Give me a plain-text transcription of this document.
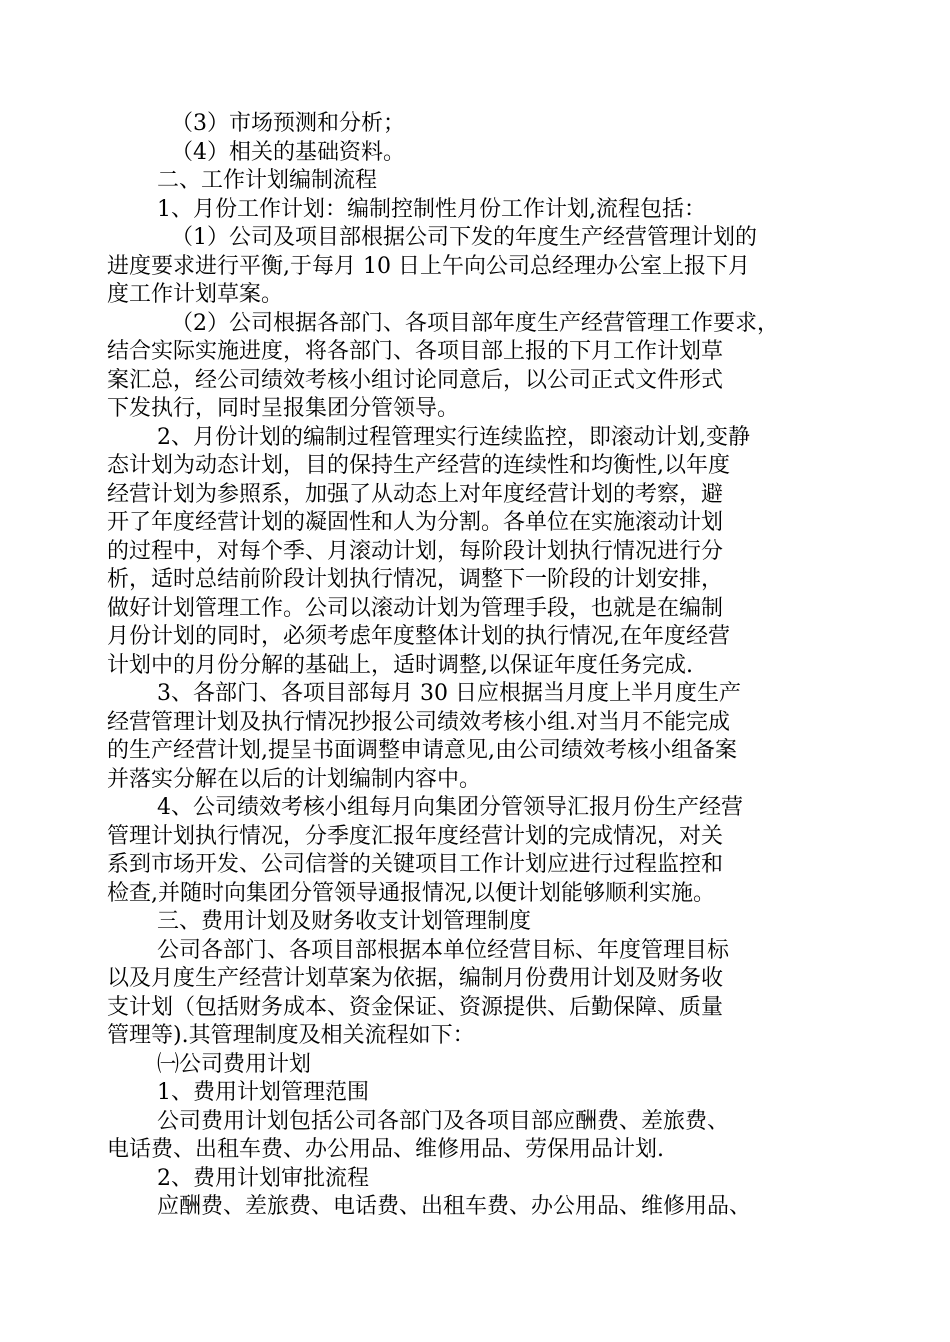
（3）市场预测和分析；
（4）相关的基础资料。
二、工作计划编制流程
1、月份工作计划：编制控制性月份工作计划,流程包括：
（1）公司及项目部根据公司下发的年度生产经营管理计划的
进度要求进行平衡,于每月 10 日上午向公司总经理办公室上报下月
度工作计划草案。
（2）公司根据各部门、各项目部年度生产经营管理工作要求，
结合实际实施进度，将各部门、各项目部上报的下月工作计划草
案汇总，经公司绩效考核小组讨论同意后，以公司正式文件形式
下发执行，同时呈报集团分管领导。
2、月份计划的编制过程管理实行连续监控，即滚动计划,变静
态计划为动态计划，目的保持生产经营的连续性和均衡性,以年度
经营计划为参照系，加强了从动态上对年度经营计划的考察，避
开了年度经营计划的凝固性和人为分割。各单位在实施滚动计划
的过程中，对每个季、月滚动计划，每阶段计划执行情况进行分
析，适时总结前阶段计划执行情况，调整下一阶段的计划安排，
做好计划管理工作。公司以滚动计划为管理手段，也就是在编制
月份计划的同时，必须考虑年度整体计划的执行情况,在年度经营
计划中的月份分解的基础上，适时调整,以保证年度任务完成.
3、各部门、各项目部每月 30 日应根据当月度上半月度生产
经营管理计划及执行情况抄报公司绩效考核小组.对当月不能完成
的生产经营计划,提呈书面调整申请意见,由公司绩效考核小组备案
并落实分解在以后的计划编制内容中。
4、公司绩效考核小组每月向集团分管领导汇报月份生产经营
管理计划执行情况，分季度汇报年度经营计划的完成情况，对关
系到市场开发、公司信誉的关键项目工作计划应进行过程监控和
检查,并随时向集团分管领导通报情况,以便计划能够顺利实施。
三、费用计划及财务收支计划管理制度
公司各部门、各项目部根据本单位经营目标、年度管理目标
以及月度生产经营计划草案为依据，编制月份费用计划及财务收
支计划（包括财务成本、资金保证、资源提供、后勤保障、质量
管理等).其管理制度及相关流程如下：
㈠公司费用计划
1、费用计划管理范围
公司费用计划包括公司各部门及各项目部应酬费、差旅费、
电话费、出租车费、办公用品、维修用品、劳保用品计划.
2、费用计划审批流程
应酬费、差旅费、电话费、出租车费、办公用品、维修用品、
